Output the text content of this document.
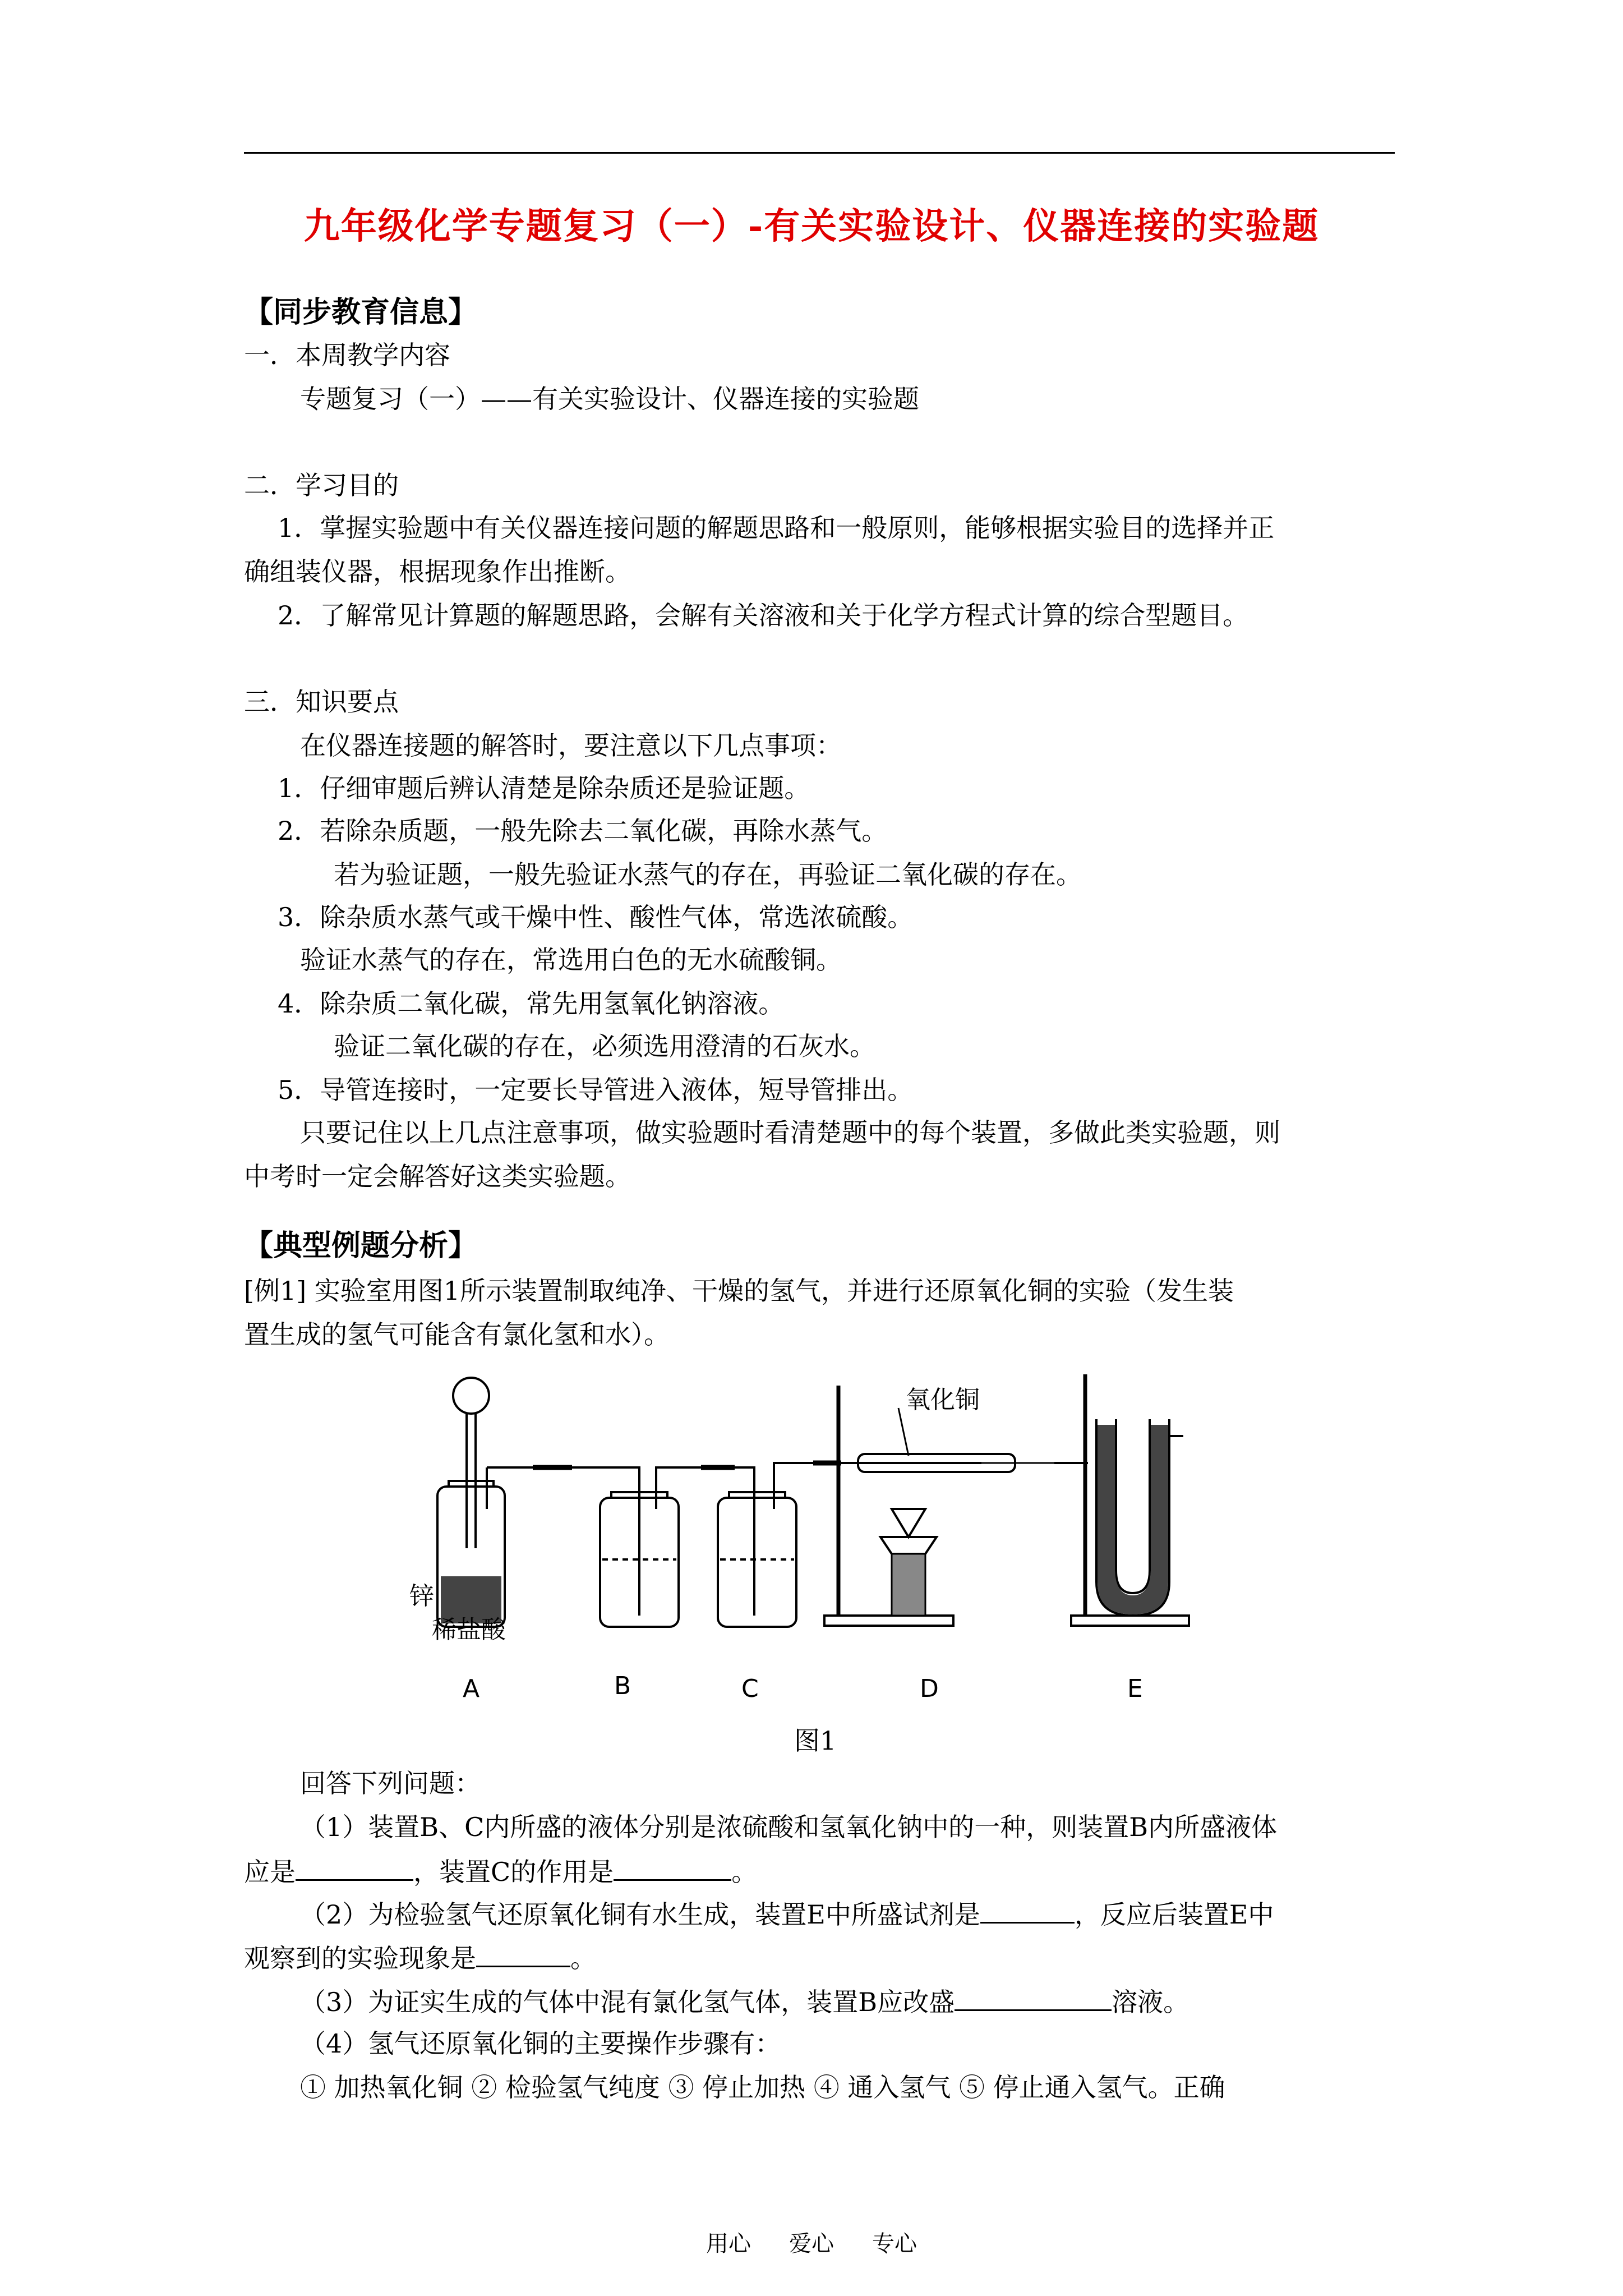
九年级化学专题复习（一）-有关实验设计、仪器连接的实验题
【同步教育信息】
一．本周教学内容
专题复习（一）——有关实验设计、仪器连接的实验题
二．学习目的
1．掌握实验题中有关仪器连接问题的解题思路和一般原则，能够根据实验目的选择并正
确组装仪器，根据现象作出推断。
2．了解常见计算题的解题思路，会解有关溶液和关于化学方程式计算的综合型题目。
三．知识要点
在仪器连接题的解答时，要注意以下几点事项：
1．仔细审题后辨认清楚是除杂质还是验证题。
2．若除杂质题，一般先除去二氧化碳，再除水蒸气。
若为验证题，一般先验证水蒸气的存在，再验证二氧化碳的存在。
3．除杂质水蒸气或干燥中性、酸性气体，常选浓硫酸。
验证水蒸气的存在，常选用白色的无水硫酸铜。
4．除杂质二氧化碳，常先用氢氧化钠溶液。
验证二氧化碳的存在，必须选用澄清的石灰水。
5．导管连接时，一定要长导管进入液体，短导管排出。
只要记住以上几点注意事项，做实验题时看清楚题中的每个装置，多做此类实验题，则
中考时一定会解答好这类实验题。
【典型例题分析】
[例1] 实验室用图1所示装置制取纯净、干燥的氢气，并进行还原氧化铜的实验（发生装
置生成的氢气可能含有氯化氢和水）。
氧化铜
锌
稀盐酸
A	B	C	D	E
图1
回答下列问题：
（1）装置B、C内所盛的液体分别是浓硫酸和氢氧化钠中的一种，则装置B内所盛液体
应是	，装置C的作用是	。
（2）为检验氢气还原氧化铜有水生成，装置E中所盛试剂是	，反应后装置E中
观察到的实验现象是	。
（3）为证实生成的气体中混有氯化氢气体，装置B应改盛	溶液。
（4）氢气还原氧化铜的主要操作步骤有：
① 加热氧化铜 ② 检验氢气纯度 ③ 停止加热 ④ 通入氢气 ⑤ 停止通入氢气。正确
用心 爱心 专心
